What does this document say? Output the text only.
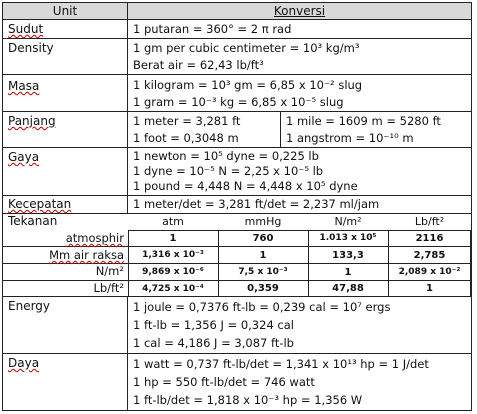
Unit	Konversi
Sudut	1 putaran = 360° = 2 π rad
Density	1 gm per cubic centimeter = 10³ kg/m³
Berat air = 62,43 lb/ft³
Masa	1 kilogram = 10³ gm = 6,85 x 10⁻² slug
1 gram = 10⁻³ kg = 6,85 x 10⁻⁵ slug
Panjang	1 meter = 3,281 ft	1 mile = 1609 m = 5280 ft
1 foot = 0,3048 m	1 angstrom = 10⁻¹⁰ m
Gaya	1 newton = 10⁵ dyne = 0,225 lb
1 dyne = 10⁻⁵ N = 2,25 x 10⁻⁵ lb
1 pound = 4,448 N = 4,448 x 10⁵ dyne
Kecepatan	1 meter/det = 3,281 ft/det = 2,237 ml/jam
Tekanan	atm	mmHg	N/m²	Lb/ft²
atmosphir	1	760	1.013 x 10⁵	2116
Mm air raksa	1,316 x 10⁻³	1	133,3	2,785
N/m²	9,869 x 10⁻⁶	7,5 x 10⁻³	1	2,089 x 10⁻²
Lb/ft²	4,725 x 10⁻⁴	0,359	47,88	1
Energy	1 joule = 0,7376 ft-lb = 0,239 cal = 10⁷ ergs
1 ft-lb = 1,356 J = 0,324 cal
1 cal = 4,186 J = 3,087 ft-lb
Daya	1 watt = 0,737 ft-lb/det = 1,341 x 10¹³ hp = 1 J/det
1 hp = 550 ft-lb/det = 746 watt
1 ft-lb/det = 1,818 x 10⁻³ hp = 1,356 W
